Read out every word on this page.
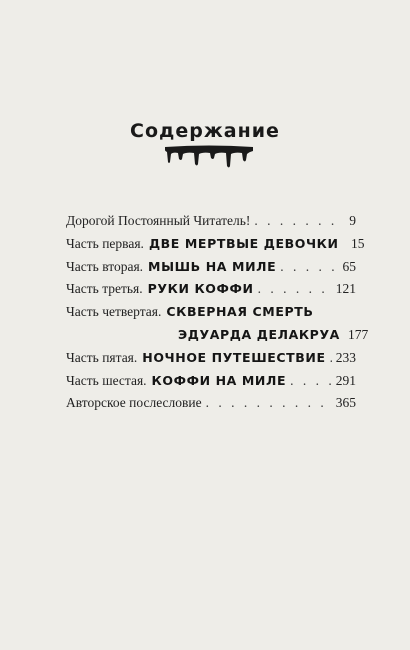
Содержание
Дорогой Постоянный Читатель! . . .	9
Часть первая. ДВЕ МЕРТВЫЕ ДЕВОЧКИ 15
Часть вторая. МЫШЬ НА МИЛЕ . . .	65
Часть третья. РУКИ КОФФИ . . .	121
Часть четвертая. СКВЕРНАЯ СМЕРТЬ
ЭДУАРДА ДЕЛАКРУА 177
Часть пятая. НОЧНОЕ ПУТЕШЕСТВИЕ . . . 233
Часть шестая. КОФФИ НА МИЛЕ . . .	291
Авторское послесловие . . .	365
